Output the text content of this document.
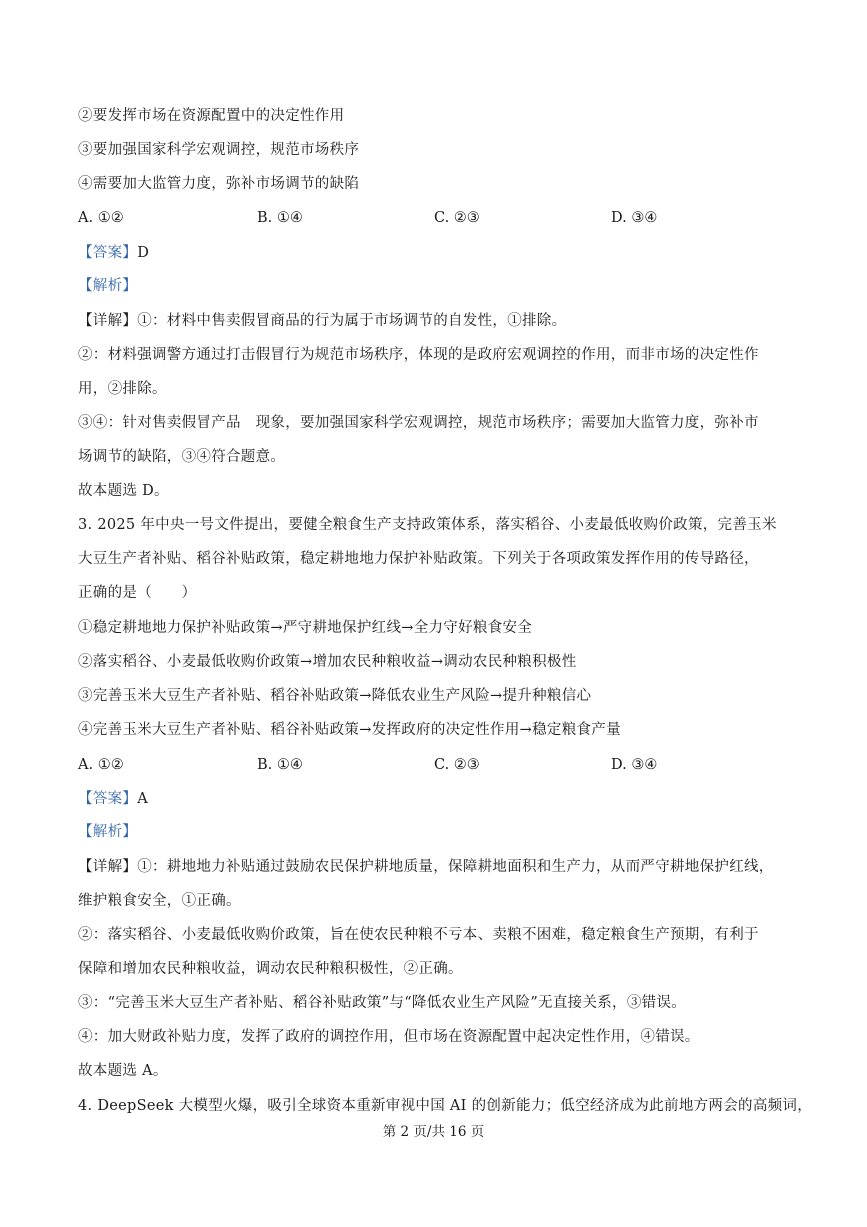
②要发挥市场在资源配置中的决定性作用
③要加强国家科学宏观调控，规范市场秩序
④需要加大监管力度，弥补市场调节的缺陷
A. ①②	B. ①④	C. ②③	D. ③④
【答案】D
【解析】
【详解】①：材料中售卖假冒商品的行为属于市场调节的自发性，①排除。
②：材料强调警方通过打击假冒行为规范市场秩序，体现的是政府宏观调控的作用，而非市场的决定性作
用，②排除。
③④：针对售卖假冒产品　现象，要加强国家科学宏观调控，规范市场秩序；需要加大监管力度，弥补市
场调节的缺陷，③④符合题意。
故本题选 D。
3. 2025 年中央一号文件提出，要健全粮食生产支持政策体系，落实稻谷、小麦最低收购价政策，完善玉米
大豆生产者补贴、稻谷补贴政策，稳定耕地地力保护补贴政策。下列关于各项政策发挥作用的传导路径，
正确的是（　　）
①稳定耕地地力保护补贴政策→严守耕地保护红线→全力守好粮食安全
②落实稻谷、小麦最低收购价政策→增加农民种粮收益→调动农民种粮积极性
③完善玉米大豆生产者补贴、稻谷补贴政策→降低农业生产风险→提升种粮信心
④完善玉米大豆生产者补贴、稻谷补贴政策→发挥政府的决定性作用→稳定粮食产量
A. ①②	B. ①④	C. ②③	D. ③④
【答案】A
【解析】
【详解】①：耕地地力补贴通过鼓励农民保护耕地质量，保障耕地面积和生产力，从而严守耕地保护红线，
维护粮食安全，①正确。
②：落实稻谷、小麦最低收购价政策，旨在使农民种粮不亏本、卖粮不困难，稳定粮食生产预期，有利于
保障和增加农民种粮收益，调动农民种粮积极性，②正确。
③：“完善玉米大豆生产者补贴、稻谷补贴政策”与“降低农业生产风险”无直接关系，③错误。
④：加大财政补贴力度，发挥了政府的调控作用，但市场在资源配置中起决定性作用，④错误。
故本题选 A。
4. DeepSeek 大模型火爆，吸引全球资本重新审视中国 AI 的创新能力；低空经济成为此前地方两会的高频词，
第 2 页/共 16 页
